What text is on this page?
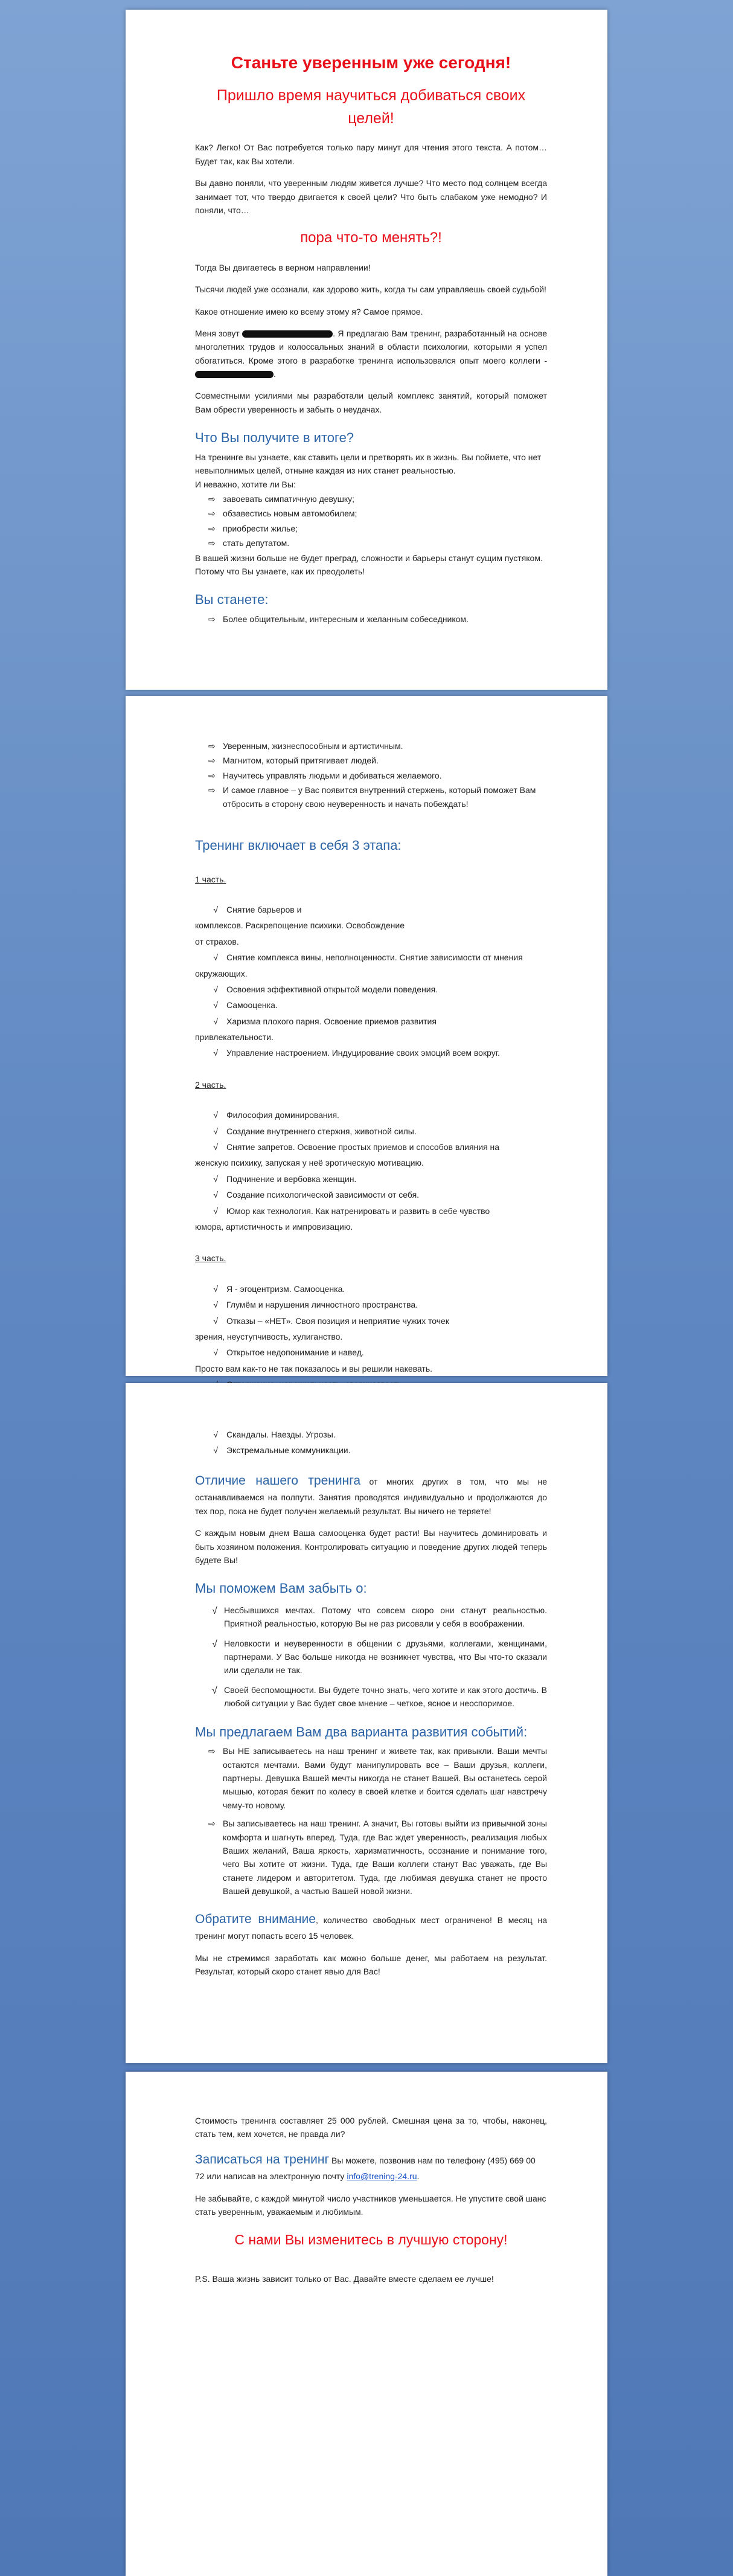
Станьте уверенным уже сегодня!
Пришло время научиться добиваться своих целей!

Как? Легко! От Вас потребуется только пару минут для чтения этого текста. А потом… Будет так, как Вы хотели.

Вы давно поняли, что уверенным людям живется лучше? Что место под солнцем всегда занимает тот, что твердо двигается к своей цели? Что быть слабаком уже немодно? И поняли, что…

пора что-то менять?!

Тогда Вы двигаетесь в верном направлении!

Тысячи людей уже осознали, как здорово жить, когда ты сам управляешь своей судьбой!

Какое отношение имею ко всему этому я? Самое прямое.

Меня зовут	. Я предлагаю Вам тренинг, разработанный на основе многолетних трудов и колоссальных знаний в области психологии, которыми я успел обогатиться. Кроме этого в разработке тренинга использовался опыт моего коллеги - .

Совместными усилиями мы разработали целый комплекс занятий, который поможет Вам обрести уверенность и забыть о неудачах.

Что Вы получите в итоге?
На тренинге вы узнаете, как ставить цели и претворять их в жизнь. Вы поймете, что нет невыполнимых целей, отныне каждая из них станет реальностью.
И неважно, хотите ли Вы:
⇨ завоевать симпатичную девушку;
⇨ обзавестись новым автомобилем;
⇨ приобрести жилье;
⇨ стать депутатом.

В вашей жизни больше не будет преград, сложности и барьеры станут сущим пустяком. Потому что Вы узнаете, как их преодолеть!

Вы станете:
⇨ Более общительным, интересным и желанным собеседником.
⇨ Уверенным, жизнеспособным и артистичным.
⇨ Магнитом, который притягивает людей.
⇨ Научитесь управлять людьми и добиваться желаемого.
⇨ И самое главное – у Вас появится внутренний стержень, который поможет Вам отбросить в сторону свою неуверенность и начать побеждать!
Тренинг включает в себя 3 этапа:
1 часть.
√ Снятие барьеров и
комплексов. Раскрепощение психики. Освобождение
от страхов.
√ Снятие комплекса вины, неполноценности. Снятие зависимости от мнения
окружающих.
√ Освоения эффективной открытой модели поведения.
√ Самооценка.
√ Харизма плохого парня. Освоение приемов развития
привлекательности.
√ Управление настроением. Индуцирование своих эмоций всем вокруг.
2 часть.
√ Философия доминирования.
√ Создание внутреннего стержня, животной силы.
√ Снятие запретов. Освоение простых приемов и способов влияния на
женскую психику, запуская у неё эротическую мотивацию.
√ Подчинение и вербовка женщин.
√ Создание психологической зависимости от себя.
√ Юмор как технология. Как натренировать и развить в себе чувство
юмора, артистичность и импровизацию.
3 часть.
√ Я - эгоцентризм. Самооценка.
√ Глумём и нарушения личностного пространства.
√ Отказы – «НЕТ». Своя позиция и неприятие чужих точек
зрения, неуступчивость, хулиганство.
√ Открытое недопонимание и навед.
Просто вам как-то не так показалось и вы решили накевать.
√ Скандалы. Наезды. Угрозы.
√ Экстремальные коммуникации.

Отличие нашего тренинга от многих других в том, что мы не останавливаемся на полпути. Занятия проводятся индивидуально и продолжаются до тех пор, пока не будет получен желаемый результат. Вы ничего не теряете!

С каждым новым днем Ваша самооценка будет расти! Вы научитесь доминировать и быть хозяином положения. Контролировать ситуацию и поведение других людей теперь будете Вы!

Мы поможем Вам забыть о:
√ Несбывшихся мечтах. Потому что совсем скоро они станут реальностью. Приятной реальностью, которую Вы не раз рисовали у себя в воображении.
√ Неловкости и неуверенности в общении с друзьями, коллегами, женщинами, партнерами. У Вас больше никогда не возникнет чувства, что Вы что-то сказали или сделали не так.
√ Своей беспомощности. Вы будете точно знать, чего хотите и как этого достичь. В любой ситуации у Вас будет свое мнение – четкое, ясное и неоспоримое.
Мы предлагаем Вам два варианта развития событий:
⇨ Вы НЕ записываетесь на наш тренинг и живете так, как привыкли. Ваши мечты остаются мечтами. Вами будут манипулировать все – Ваши друзья, коллеги, партнеры. Девушка Вашей мечты никогда не станет Вашей. Вы останетесь серой мышью, которая бежит по колесу в своей клетке и боится сделать шаг навстречу чему-то новому.
⇨ Вы записываетесь на наш тренинг. А значит, Вы готовы выйти из привычной зоны комфорта и шагнуть вперед. Туда, где Вас ждет уверенность, реализация любых Ваших желаний, Ваша яркость, харизматичность, осознание и понимание того, чего Вы хотите от жизни. Туда, где Ваши коллеги станут Вас уважать, где Вы станете лидером и авторитетом. Туда, где любимая девушка станет не просто Вашей девушкой, а частью Вашей новой жизни.

Обратите внимание, количество свободных мест ограничено! В месяц на тренинг могут попасть всего 15 человек.

Мы не стремимся заработать как можно больше денег, мы работаем на результат. Результат, который скоро станет явью для Вас!

Стоимость тренинга составляет 25 000 рублей. Смешная цена за то, чтобы, наконец, стать тем, кем хочется, не правда ли?

Записаться на тренинг Вы можете, позвонив нам по телефону (495) 669 00 72 или написав на электронную почту info@trening-24.ru.

Не забывайте, с каждой минутой число участников уменьшается. Не упустите свой шанс стать уверенным, уважаемым и любимым.

С нами Вы изменитесь в лучшую сторону!

P.S. Ваша жизнь зависит только от Вас. Давайте вместе сделаем ее лучше!
